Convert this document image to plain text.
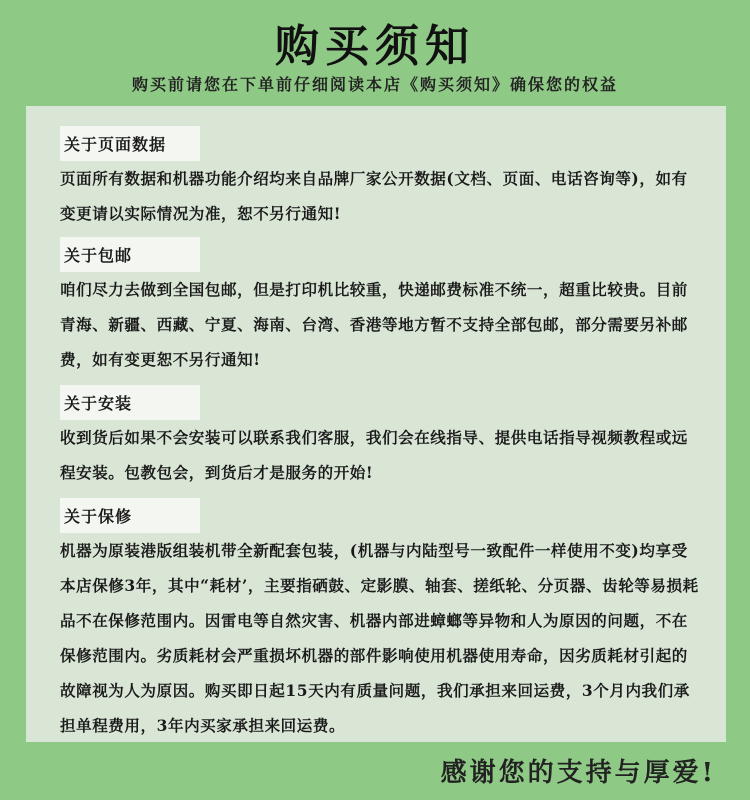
购买须知
购买前请您在下单前仔细阅读本店《购买须知》确保您的权益
关于页面数据
页面所有数据和机器功能介绍均来自品牌厂家公开数据(文档、页面、电话咨询等)，如有变更请以实际情况为准，恕不另行通知!
关于包邮
咱们尽力去做到全国包邮，但是打印机比较重，快递邮费标准不统一，超重比较贵。目前青海、新疆、西藏、宁夏、海南、台湾、香港等地方暂不支持全部包邮，部分需要另补邮费，如有变更恕不另行通知!
关于安装
收到货后如果不会安装可以联系我们客服，我们会在线指导、提供电话指导视频教程或远程安装。包教包会，到货后才是服务的开始!
关于保修
机器为原装港版组装机带全新配套包装，(机器与内陆型号一致配件一样使用不变)均享受本店保修3年，其中“耗材’，主要指硒鼓、定影膜、轴套、搓纸轮、分页器、齿轮等易损耗品不在保修范围内。因雷电等自然灾害、机器内部进蟑螂等异物和人为原因的问题，不在保修范围内。劣质耗材会严重损坏机器的部件影响使用机器使用寿命，因劣质耗材引起的故障视为人为原因。购买即日起15天内有质量问题，我们承担来回运费，3个月内我们承担单程费用，3年内买家承担来回运费。
感谢您的支持与厚爱!
